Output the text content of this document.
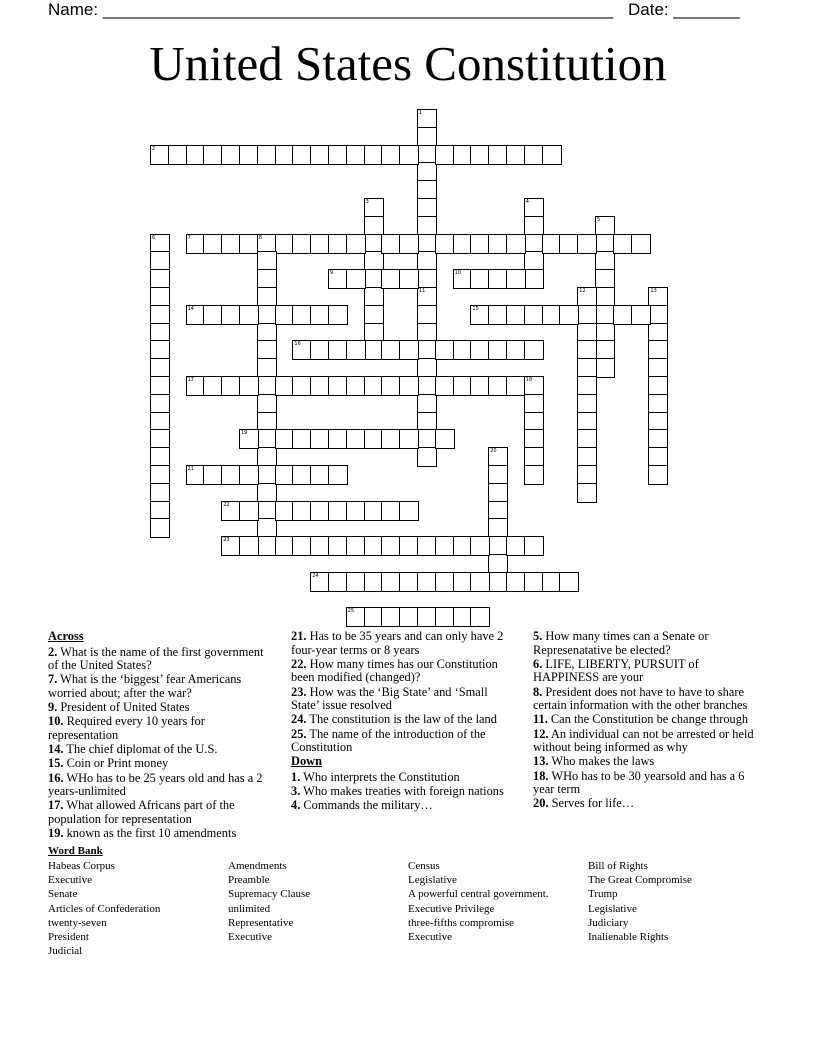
Name: ______________________________________________________ Date: _______
United States Constitution
1
2
3	4
5
6	7	8
9	10
11	12	13
14	15
16
17	18
19
20
21
22
23
24
25
Across
2. What is the name of the first government of the United States?
7. What is the ‘biggest’ fear Americans worried about; after the war?
9. President of United States
10. Required every 10 years for representation
14. The chief diplomat of the U.S.
15. Coin or Print money
16. WHo has to be 25 years old and has a 2 years-unlimited
17. What allowed Africans part of the population for representation
19. known as the first 10 amendments
21. Has to be 35 years and can only have 2 four-year terms or 8 years
22. How many times has our Constitution been modified (changed)?
23. How was the ‘Big State’ and ‘Small State’ issue resolved
24. The constitution is the law of the land
25. The name of the introduction of the Constitution
Down
1. Who interprets the Constitution
3. Who makes treaties with foreign nations
4. Commands the military…
5. How many times can a Senate or Represenatative be elected?
6. LIFE, LIBERTY, PURSUIT of HAPPINESS are your
8. President does not have to have to share certain information with the other branches
11. Can the Constitution be change through
12. An individual can not be arrested or held without being informed as why
13. Who makes the laws
18. WHo has to be 30 yearsold and has a 6 year term
20. Serves for life…
Word Bank
Habeas Corpus
Executive
Senate
Articles of Confederation
twenty-seven
President
Judicial
Amendments
Preamble
Supremacy Clause
unlimited
Representative
Executive
Census
Legislative
A powerful central government.
Executive Privilege
three-fifths compromise
Executive
Bill of Rights
The Great Compromise
Trump
Legislative
Judiciary
Inalienable Rights
